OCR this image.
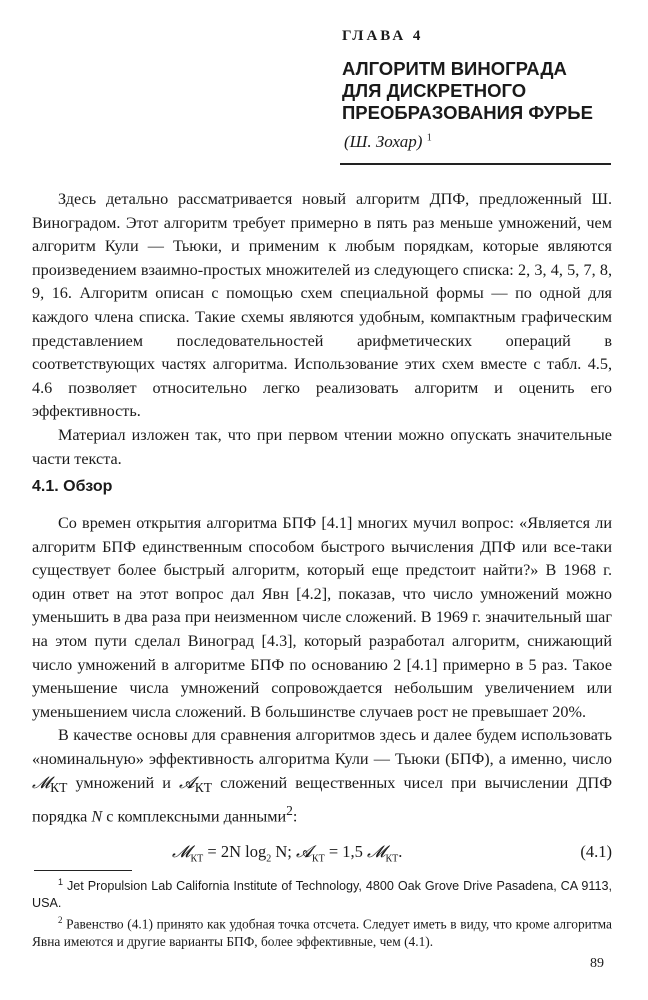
ГЛАВА 4
АЛГОРИТМ ВИНОГРАДА
ДЛЯ ДИСКРЕТНОГО
ПРЕОБРАЗОВАНИЯ ФУРЬЕ
(Ш. Зохар) $^1$

Здесь детально рассматривается новый алгоритм ДПФ, предложенный Ш. Виноградом. Этот алгоритм требует примерно в пять раз меньше умножений, чем алгоритм Кули — Тьюки, и применим к любым порядкам, которые являются произведением взаимно-простых множителей из следующего списка: 2, 3, 4, 5, 7, 8, 9, 16. Алгоритм описан с помощью схем специальной формы — по одной для каждого члена списка. Такие схемы являются удобным, компактным графическим представлением последовательностей арифметических операций в соответствующих частях алгоритма. Использование этих схем вместе с табл. 4.5, 4.6 позволяет относительно легко реализовать алгоритм и оценить его эффективность.

Материал изложен так, что при первом чтении можно опускать значительные части текста.

4.1. Обзор

Со времен открытия алгоритма БПФ [4.1] многих мучил вопрос: «Является ли алгоритм БПФ единственным способом быстрого вычисления ДПФ или все-таки существует более быстрый алгоритм, который еще предстоит найти?» В 1968 г. один ответ на этот вопрос дал Явн [4.2], показав, что число умножений можно уменьшить в два раза при неизменном числе сложений. В 1969 г. значительный шаг на этом пути сделал Виноград [4.3], который разработал алгоритм, снижающий число умножений в алгоритме БПФ по основанию 2 [4.1] примерно в 5 раз. Такое уменьшение числа умножений сопровождается небольшим увеличением или уменьшением числа сложений. В большинстве случаев рост не превышает 20%.

В качестве основы для сравнения алгоритмов здесь и далее будем использовать «номинальную» эффективность алгоритма Кули — Тьюки (БПФ), а именно, число 𝓜$_{КТ}$ умножений и 𝓐$_{КТ}$ сложений вещественных чисел при вычислении ДПФ порядка N с комплексными данными$^2$:

𝓜$_{КТ}$ = 2N $\log_2 N$; 𝓐$_{КТ}$ = 1,5 𝓜$_{КТ}$.	(4.1)

$^1$ Jet Propulsion Lab California Institute of Technology, 4800 Oak Grove Drive Pasadena, CA 9113, USA.

$^2$ Равенство (4.1) принято как удобная точка отсчета. Следует иметь в виду, что кроме алгоритма Явна имеются и другие варианты БПФ, более эффективные, чем (4.1).

89
